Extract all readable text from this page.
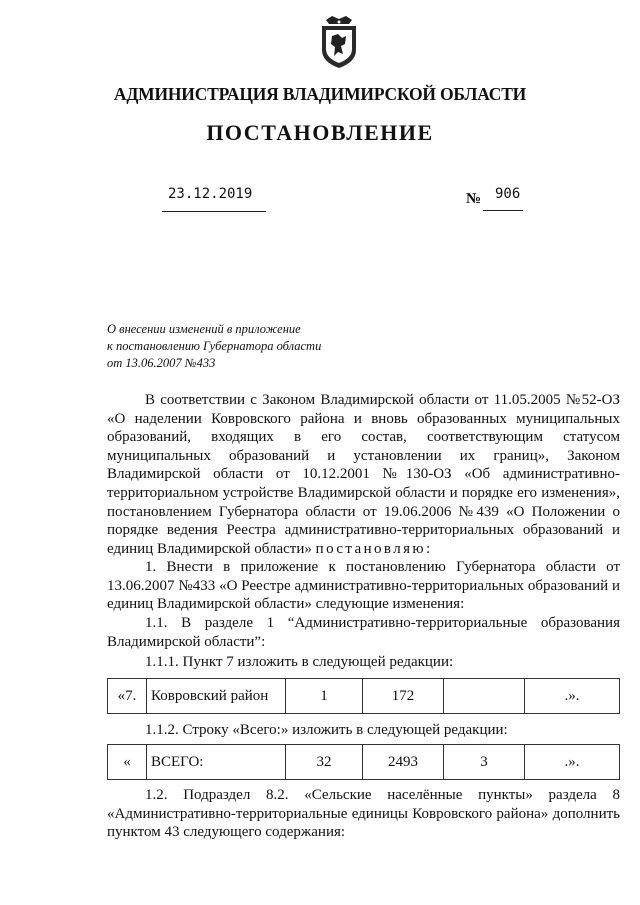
АДМИНИСТРАЦИЯ ВЛАДИМИРСКОЙ ОБЛАСТИ
ПОСТАНОВЛЕНИЕ
23.12.2019	№ 906
О внесении изменений в приложение
к постановлению Губернатора области
от 13.06.2007 №433
В соответствии с Законом Владимирской области от 11.05.2005 №52-ОЗ «О наделении Ковровского района и вновь образованных муниципальных образований, входящих в его состав, соответствующим статусом муниципальных образований и установлении их границ», Законом Владимирской области от 10.12.2001 №130-ОЗ «Об административно-территориальном устройстве Владимирской области и порядке его изменения», постановлением Губернатора области от 19.06.2006 №439 «О Положении о порядке ведения Реестра административно-территориальных образований и единиц Владимирской области» постановляю:
1. Внести в приложение к постановлению Губернатора области от 13.06.2007 №433 «О Реестре административно-территориальных образований и единиц Владимирской области» следующие изменения:
1.1. В разделе 1 “Административно-территориальные образования Владимирской области”:
1.1.1. Пункт 7 изложить в следующей редакции:
«7.	Ковровский район	1	172		.».
1.1.2. Строку «Всего:» изложить в следующей редакции:
«	ВСЕГО:	32	2493	3	.».
1.2. Подраздел 8.2. «Сельские населённые пункты» раздела 8 «Административно-территориальные единицы Ковровского района» дополнить пунктом 43 следующего содержания:
